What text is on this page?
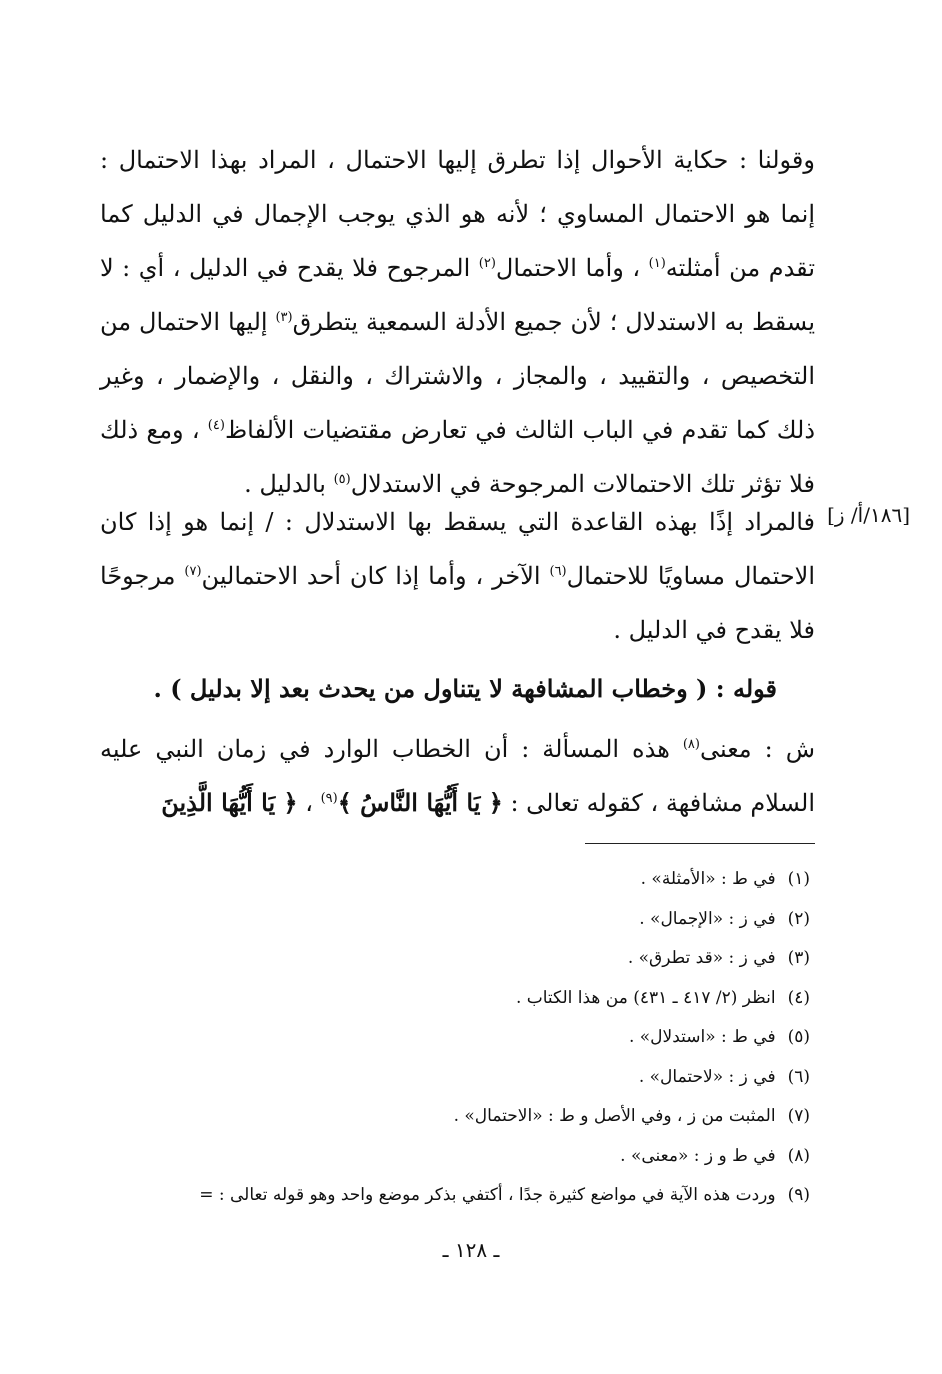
وقولنا : حكاية الأحوال إذا تطرق إليها الاحتمال ، المراد بهذا الاحتمال : إنما هو الاحتمال المساوي ؛ لأنه هو الذي يوجب الإجمال في الدليل كما تقدم من أمثلته$^{(١)}$ ، وأما الاحتمال$^{(٢)}$ المرجوح فلا يقدح في الدليل ، أي : لا يسقط به الاستدلال ؛ لأن جميع الأدلة السمعية يتطرق$^{(٣)}$ إليها الاحتمال من التخصيص ، والتقييد ، والمجاز ، والاشتراك ، والنقل ، والإضمار ، وغير ذلك كما تقدم في الباب الثالث في تعارض مقتضيات الألفاظ$^{(٤)}$ ، ومع ذلك فلا تؤثر تلك الاحتمالات المرجوحة في الاستدلال$^{(٥)}$ بالدليل .

[١٨٦/أ/ ز]

فالمراد إذًا بهذه القاعدة التي يسقط بها الاستدلال : / إنما هو إذا كان الاحتمال مساويًا للاحتمال$^{(٦)}$ الآخر ، وأما إذا كان أحد الاحتمالين$^{(٧)}$ مرجوحًا فلا يقدح في الدليل .

قوله : ( وخطاب المشافهة لا يتناول من يحدث بعد إلا بدليل ) .

ش : معنى$^{(٨)}$ هذه المسألة : أن الخطاب الوارد في زمان النبي عليه السلام مشافهة ، كقوله تعالى : ﴿ يَا أَيُّهَا النَّاسُ ﴾$^{(٩)}$ ، ﴿ يَا أَيُّهَا الَّذِينَ

(١)في ط : «الأمثلة» .
(٢)في ز : «الإجمال» .
(٣)في ز : «قد تطرق» .
(٤)انظر (٢/ ٤١٧ ـ ٤٣١) من هذا الكتاب .
(٥)في ط : «استدلال» .
(٦)في ز : «لاحتمال» .
(٧)المثبت من ز ، وفي الأصل و ط : «الاحتمال» .
(٨)في ط و ز : «معنى» .
(٩)وردت هذه الآية في مواضع كثيرة جدًا ، أكتفي بذكر موضع واحد وهو قوله تعالى : =
ـ ١٢٨ ـ
